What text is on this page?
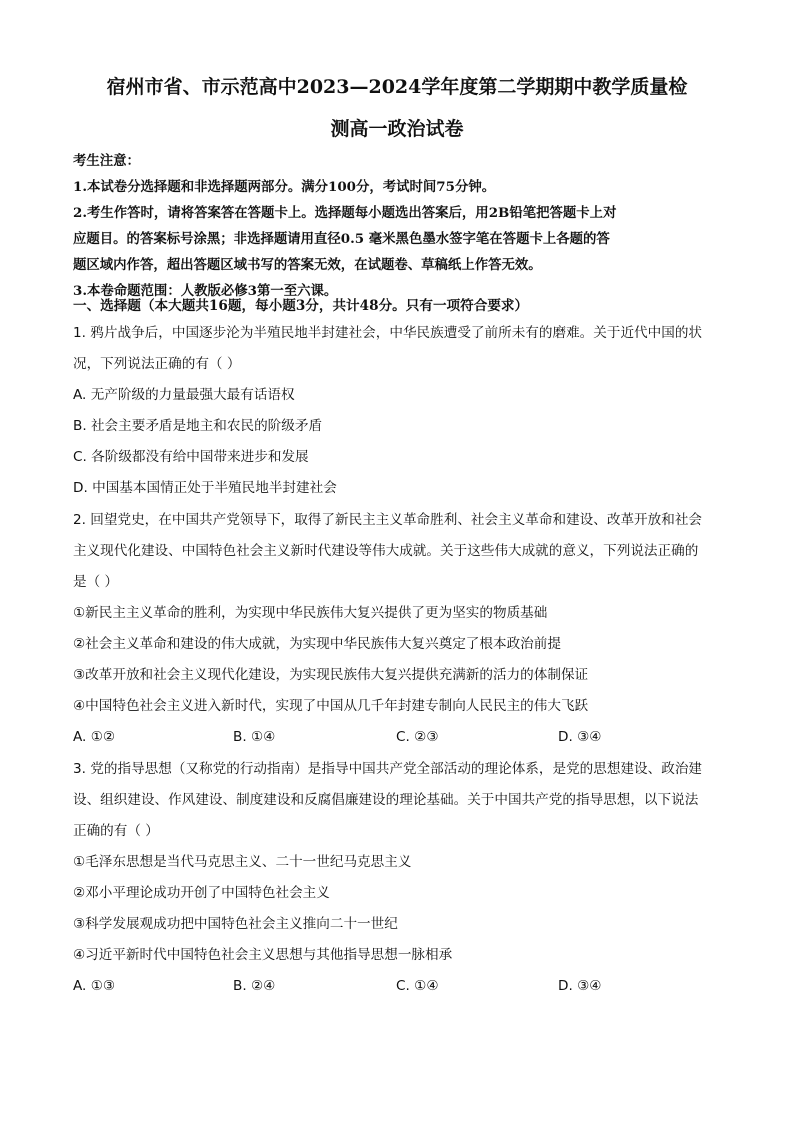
宿州市省、市示范高中2023—2024学年度第二学期期中教学质量检
测高一政治试卷
考生注意：
1.本试卷分选择题和非选择题两部分。满分100分，考试时间75分钟。
2.考生作答时，请将答案答在答题卡上。选择题每小题选出答案后，用2B铅笔把答题卡上对
应题目。的答案标号涂黑；非选择题请用直径0.5 毫米黑色墨水签字笔在答题卡上各题的答
题区域内作答，超出答题区域书写的答案无效，在试题卷、草稿纸上作答无效。
3.本卷命题范围：人教版必修3第一至六课。
一、选择题（本大题共16题，每小题3分，共计48分。只有一项符合要求）
1. 鸦片战争后，中国逐步沦为半殖民地半封建社会，中华民族遭受了前所未有的磨难。关于近代中国的状
况，下列说法正确的有（ ）
A. 无产阶级的力量最强大最有话语权
B. 社会主要矛盾是地主和农民的阶级矛盾
C. 各阶级都没有给中国带来进步和发展
D. 中国基本国情正处于半殖民地半封建社会
2. 回望党史，在中国共产党领导下，取得了新民主主义革命胜利、社会主义革命和建设、改革开放和社会
主义现代化建设、中国特色社会主义新时代建设等伟大成就。关于这些伟大成就的意义，下列说法正确的
是（ ）
①新民主主义革命的胜利，为实现中华民族伟大复兴提供了更为坚实的物质基础
②社会主义革命和建设的伟大成就，为实现中华民族伟大复兴奠定了根本政治前提
③改革开放和社会主义现代化建设，为实现民族伟大复兴提供充满新的活力的体制保证
④中国特色社会主义进入新时代，实现了中国从几千年封建专制向人民民主的伟大飞跃
A. ①②	B. ①④	C. ②③	D. ③④
3. 党的指导思想（又称党的行动指南）是指导中国共产党全部活动的理论体系，是党的思想建设、政治建
设、组织建设、作风建设、制度建设和反腐倡廉建设的理论基础。关于中国共产党的指导思想，以下说法
正确的有（ ）
①毛泽东思想是当代马克思主义、二十一世纪马克思主义
②邓小平理论成功开创了中国特色社会主义
③科学发展观成功把中国特色社会主义推向二十一世纪
④习近平新时代中国特色社会主义思想与其他指导思想一脉相承
A. ①③	B. ②④	C. ①④	D. ③④
